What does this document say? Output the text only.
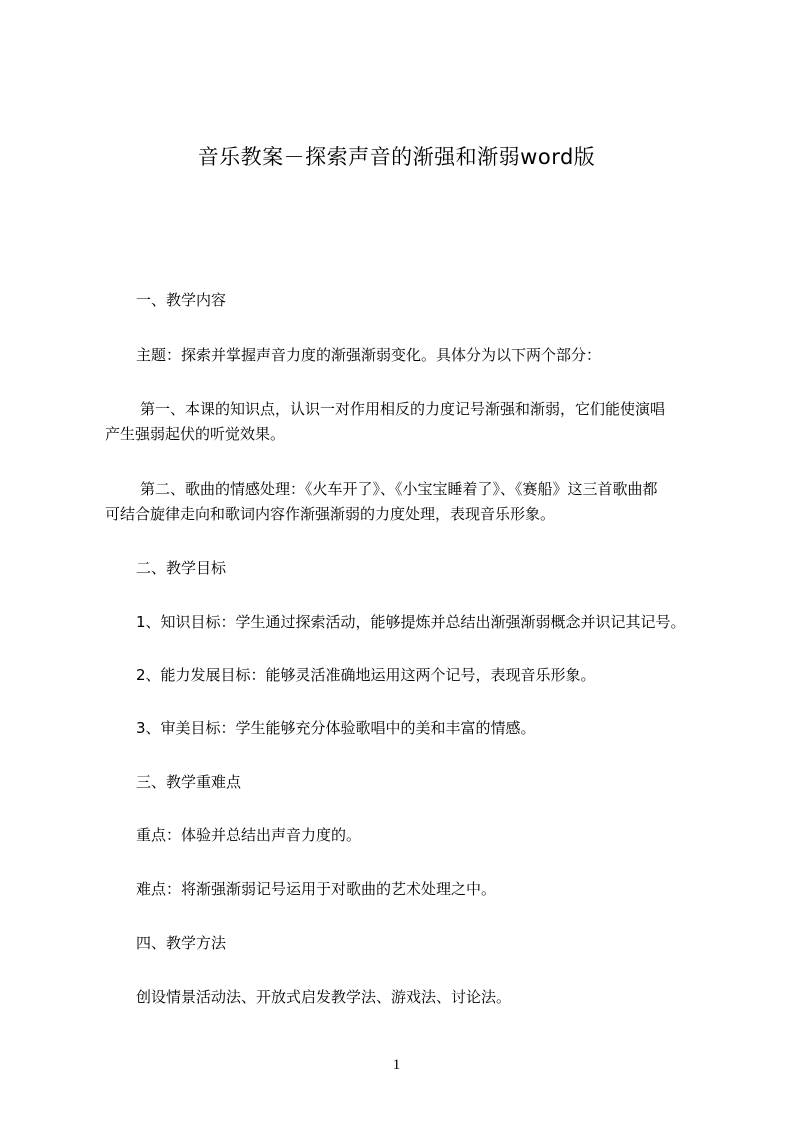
音乐教案－探索声音的渐强和渐弱word版
一、教学内容
主题：探索并掌握声音力度的渐强渐弱变化。具体分为以下两个部分：
第一、本课的知识点，认识一对作用相反的力度记号渐强和渐弱，它们能使演唱
产生强弱起伏的听觉效果。
第二、歌曲的情感处理：《火车开了》、《小宝宝睡着了》、《赛船》这三首歌曲都
可结合旋律走向和歌词内容作渐强渐弱的力度处理，表现音乐形象。
二、教学目标
1、知识目标：学生通过探索活动，能够提炼并总结出渐强渐弱概念并识记其记号。
2、能力发展目标：能够灵活准确地运用这两个记号，表现音乐形象。
3、审美目标：学生能够充分体验歌唱中的美和丰富的情感。
三、教学重难点
重点：体验并总结出声音力度的。
难点：将渐强渐弱记号运用于对歌曲的艺术处理之中。
四、教学方法
创设情景活动法、开放式启发教学法、游戏法、讨论法。
1
